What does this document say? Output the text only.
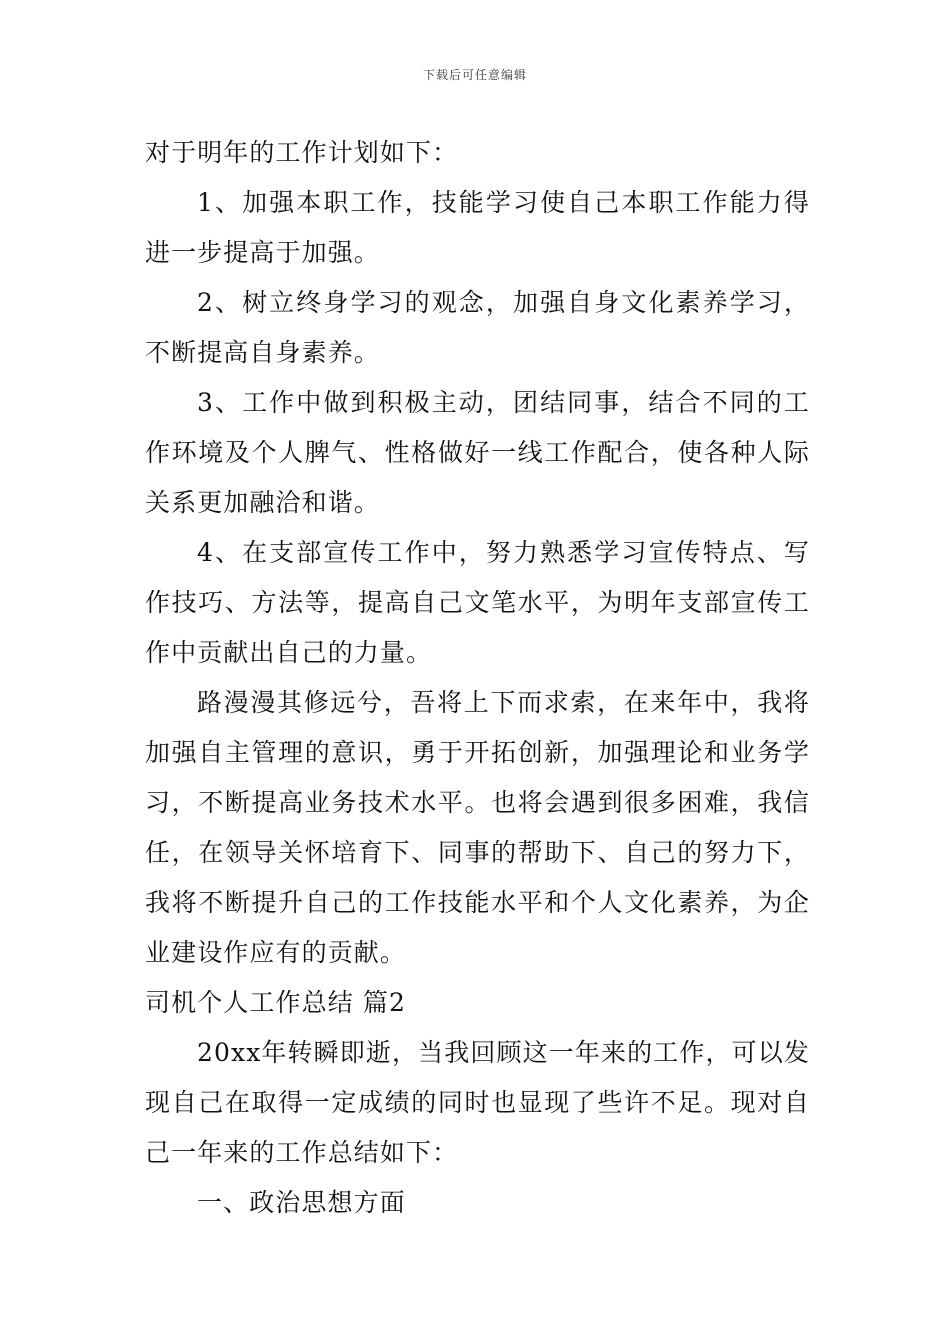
下载后可任意编辑

对于明年的工作计划如下：

1、加强本职工作，技能学习使自己本职工作能力得进一步提高于加强。

2、树立终身学习的观念，加强自身文化素养学习，不断提高自身素养。

3、工作中做到积极主动，团结同事，结合不同的工作环境及个人脾气、性格做好一线工作配合，使各种人际关系更加融洽和谐。

4、在支部宣传工作中，努力熟悉学习宣传特点、写作技巧、方法等，提高自己文笔水平，为明年支部宣传工作中贡献出自己的力量。

路漫漫其修远兮，吾将上下而求索，在来年中，我将加强自主管理的意识，勇于开拓创新，加强理论和业务学习，不断提高业务技术水平。也将会遇到很多困难，我信任，在领导关怀培育下、同事的帮助下、自己的努力下，我将不断提升自己的工作技能水平和个人文化素养，为企业建设作应有的贡献。

司机个人工作总结 篇2

20xx年转瞬即逝，当我回顾这一年来的工作，可以发现自己在取得一定成绩的同时也显现了些许不足。现对自己一年来的工作总结如下：

一、政治思想方面
